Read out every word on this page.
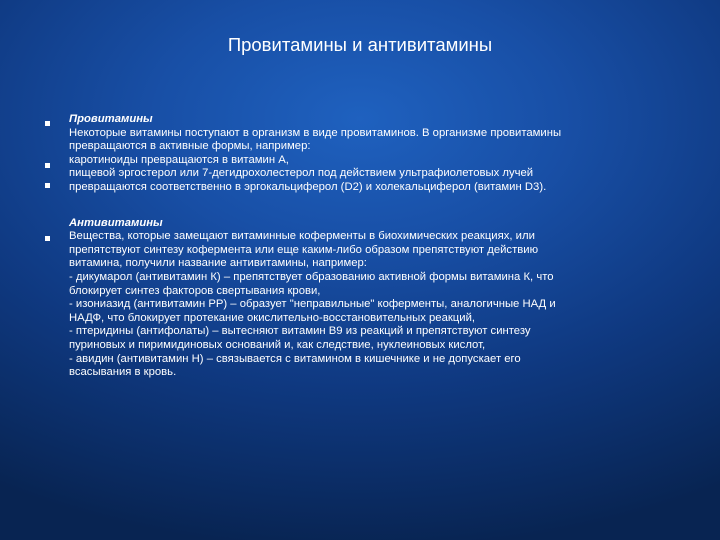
Провитамины и антивитамины
Провитамины
Некоторые витамины поступают в организм в виде провитаминов. В организме провитамины
превращаются в активные формы, например:
каротиноиды превращаются в витамин А,
пищевой эргостерол или 7-дегидрохолестерол под действием ультрафиолетовых лучей
превращаются соответственно в эргокальциферол (D2) и холекальциферол (витамин D3).
Антивитамины
Вещества, которые замещают витаминные коферменты в биохимических реакциях, или
препятствуют синтезу кофермента или еще каким-либо образом препятствуют действию
витамина, получили название антивитамины, например:
- дикумарол (антивитамин К) – препятствует образованию активной формы витамина К, что
блокирует синтез факторов свертывания крови,
- изониазид (антивитамин РР) – образует "неправильные" коферменты, аналогичные НАД и
НАДФ, что блокирует протекание окислительно-восстановительных реакций,
- птеридины (антифолаты) – вытесняют витамин В9 из реакций и препятствуют синтезу
пуриновых и пиримидиновых оснований и, как следствие, нуклеиновых кислот,
- авидин (антивитамин Н) – связывается с витамином в кишечнике и не допускает его
всасывания в кровь.
